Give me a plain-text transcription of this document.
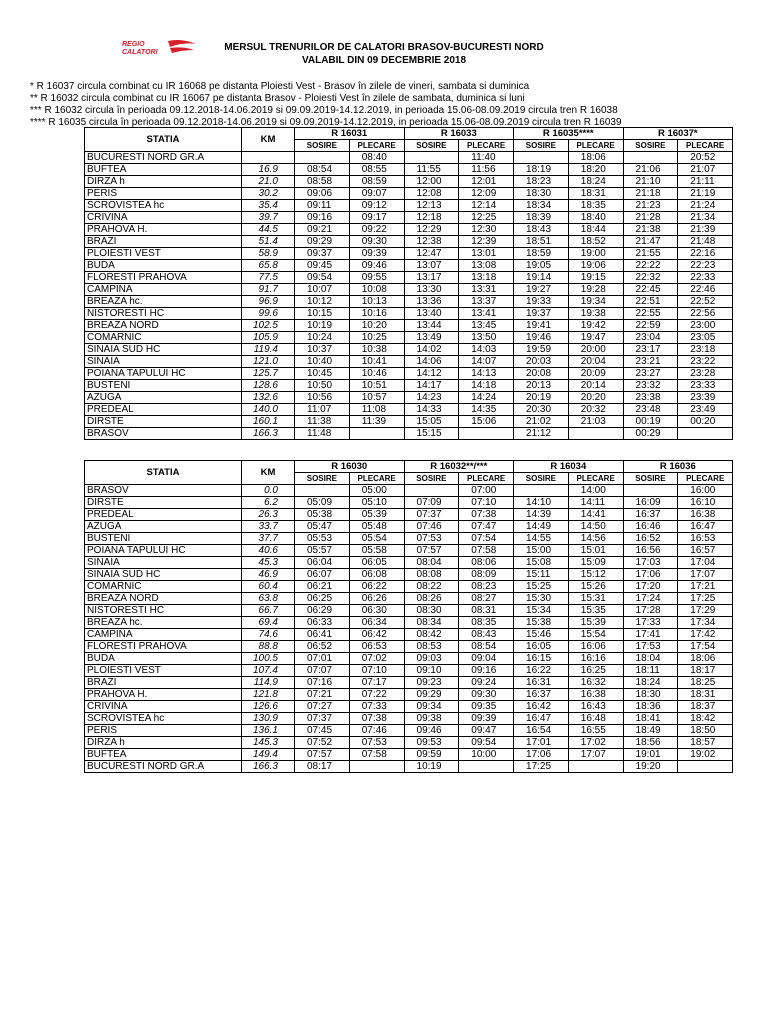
REGIO
CALATORI	MERSUL TRENURILOR DE CALATORI BRASOV-BUCURESTI NORD
VALABIL DIN 09 DECEMBRIE 2018
* R 16037 circula combinat cu IR 16068 pe distanta Ploiesti Vest - Brasov în zilele de vineri, sambata si duminica
** R 16032 circula combinat cu IR 16067 pe distanta Brasov - Ploiesti Vest în zilele de sambata, duminica si luni
*** R 16032 circula în perioada 09.12.2018-14.06.2019 si 09.09.2019-14.12.2019, in perioada 15.06-08.09.2019 circula tren R 16038
**** R 16035 circula în perioada 09.12.2018-14.06.2019 si 09.09.2019-14.12.2019, in perioada 15.06-08.09.2019 circula tren R 16039
STATIA	KM	R 16031		R 16033		R 16035****		R 16037*	
		SOSIRE	PLECARE	SOSIRE	PLECARE	SOSIRE	PLECARE	SOSIRE	PLECARE
BUCURESTI NORD GR.A			08:40		11:40		18:06		20:52
BUFTEA	16.9	08:54	08:55	11:55	11:56	18:19	18:20	21:06	21:07
DIRZA h	21.0	08:58	08:59	12:00	12:01	18:23	18:24	21:10	21:11
PERIS	30.2	09:06	09:07	12:08	12:09	18:30	18:31	21:18	21:19
SCROVISTEA hc	35.4	09:11	09:12	12:13	12:14	18:34	18:35	21:23	21:24
CRIVINA	39.7	09:16	09:17	12:18	12:25	18:39	18:40	21:28	21:34
PRAHOVA H.	44.5	09:21	09:22	12:29	12:30	18:43	18:44	21:38	21:39
BRAZI	51.4	09:29	09:30	12:38	12:39	18:51	18:52	21:47	21:48
PLOIESTI VEST	58.9	09:37	09:39	12:47	13:01	18:59	19:00	21:55	22:16
BUDA	65.8	09:45	09:46	13:07	13:08	19:05	19:06	22:22	22:23
FLORESTI PRAHOVA	77.5	09:54	09:55	13:17	13:18	19:14	19:15	22:32	22:33
CAMPINA	91.7	10:07	10:08	13:30	13:31	19:27	19:28	22:45	22:46
BREAZA hc.	96.9	10:12	10:13	13:36	13:37	19:33	19:34	22:51	22:52
NISTORESTI HC	99.6	10:15	10:16	13:40	13:41	19:37	19:38	22:55	22:56
BREAZA NORD	102.5	10:19	10:20	13:44	13:45	19:41	19:42	22:59	23:00
COMARNIC	105.9	10:24	10:25	13:49	13:50	19:46	19:47	23:04	23:05
SINAIA SUD HC	119.4	10:37	10:38	14:02	14:03	19:59	20:00	23:17	23:18
SINAIA	121.0	10:40	10:41	14:06	14:07	20:03	20:04	23:21	23:22
POIANA TAPULUI HC	125.7	10:45	10:46	14:12	14:13	20:08	20:09	23:27	23:28
BUSTENI	128.6	10:50	10:51	14:17	14:18	20:13	20:14	23:32	23:33
AZUGA	132.6	10:56	10:57	14:23	14:24	20:19	20:20	23:38	23:39
PREDEAL	140.0	11:07	11:08	14:33	14:35	20:30	20:32	23:48	23:49
DIRSTE	160.1	11:38	11:39	15:05	15:06	21:02	21:03	00:19	00:20
BRASOV	166.3	11:48		15:15		21:12		00:29	
STATIA	KM	R 16030		R 16032**/***		R 16034		R 16036	
		SOSIRE	PLECARE	SOSIRE	PLECARE	SOSIRE	PLECARE	SOSIRE	PLECARE
BRASOV	0.0		05:00		07:00		14:00		16:00
DIRSTE	6.2	05:09	05:10	07:09	07:10	14:10	14:11	16:09	16:10
PREDEAL	26.3	05:38	05:39	07:37	07:38	14:39	14:41	16:37	16:38
AZUGA	33.7	05:47	05:48	07:46	07:47	14:49	14:50	16:46	16:47
BUSTENI	37.7	05:53	05:54	07:53	07:54	14:55	14:56	16:52	16:53
POIANA TAPULUI HC	40.6	05:57	05:58	07:57	07:58	15:00	15:01	16:56	16:57
SINAIA	45.3	06:04	06:05	08:04	08:06	15:08	15:09	17:03	17:04
SINAIA SUD HC	46.9	06:07	06:08	08:08	08:09	15:11	15:12	17:06	17:07
COMARNIC	60.4	06:21	06:22	08:22	08:23	15:25	15:26	17:20	17:21
BREAZA NORD	63.8	06:25	06:26	08:26	08:27	15:30	15:31	17:24	17:25
NISTORESTI HC	66.7	06:29	06:30	08:30	08:31	15:34	15:35	17:28	17:29
BREAZA hc.	69.4	06:33	06:34	08:34	08:35	15:38	15:39	17:33	17:34
CAMPINA	74.6	06:41	06:42	08:42	08:43	15:46	15:54	17:41	17:42
FLORESTI PRAHOVA	88.8	06:52	06:53	08:53	08:54	16:05	16:06	17:53	17:54
BUDA	100.5	07:01	07:02	09:03	09:04	16:15	16:16	18:04	18:06
PLOIESTI VEST	107.4	07:07	07:10	09:10	09:16	16:22	16:25	18:11	18:17
BRAZI	114.9	07:16	07:17	09:23	09:24	16:31	16:32	18:24	18:25
PRAHOVA H.	121.8	07:21	07:22	09:29	09:30	16:37	16:38	18:30	18:31
CRIVINA	126.6	07:27	07:33	09:34	09:35	16:42	16:43	18:36	18:37
SCROVISTEA hc	130.9	07:37	07:38	09:38	09:39	16:47	16:48	18:41	18:42
PERIS	136.1	07:45	07:46	09:46	09:47	16:54	16:55	18:49	18:50
DIRZA h	145.3	07:52	07:53	09:53	09:54	17:01	17:02	18:56	18:57
BUFTEA	149.4	07:57	07:58	09:59	10:00	17:06	17:07	19:01	19:02
BUCURESTI NORD GR.A	166.3	08:17		10:19		17:25		19:20	
